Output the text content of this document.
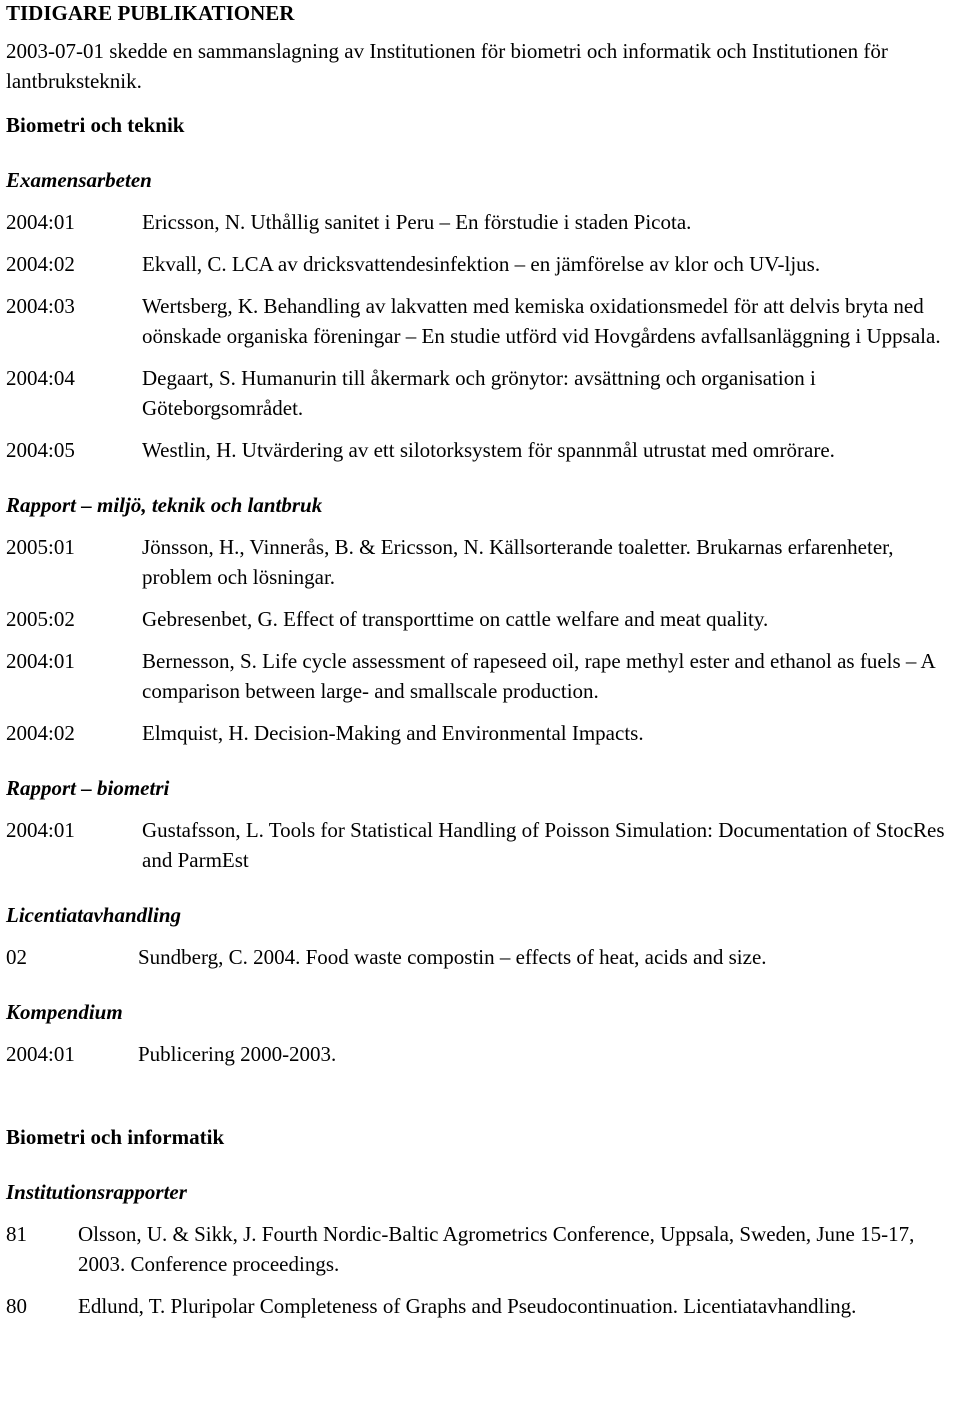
TIDIGARE PUBLIKATIONER
2003-07-01 skedde en sammanslagning av Institutionen för biometri och informatik och Institutionen för lantbruksteknik.
Biometri och teknik
Examensarbeten
2004:01	Ericsson, N. Uthållig sanitet i Peru – En förstudie i staden Picota.
2004:02	Ekvall, C. LCA av dricksvattendesinfektion – en jämförelse av klor och UV-ljus.
2004:03	Wertsberg, K. Behandling av lakvatten med kemiska oxidationsmedel för att delvis bryta ned oönskade organiska föreningar – En studie utförd vid Hovgårdens avfallsanläggning i Uppsala.
2004:04	Degaart, S. Humanurin till åkermark och grönytor: avsättning och organisation i Göteborgsområdet.
2004:05	Westlin, H. Utvärdering av ett silotorksystem för spannmål utrustat med omrörare.
Rapport – miljö, teknik och lantbruk
2005:01	Jönsson, H., Vinnerås, B. & Ericsson, N. Källsorterande toaletter. Brukarnas erfarenheter, problem och lösningar.
2005:02	Gebresenbet, G. Effect of transporttime on cattle welfare and meat quality.
2004:01	Bernesson, S. Life cycle assessment of rapeseed oil, rape methyl ester and ethanol as fuels – A comparison between large- and smallscale production.
2004:02	Elmquist, H. Decision-Making and Environmental Impacts.
Rapport – biometri
2004:01	Gustafsson, L. Tools for Statistical Handling of Poisson Simulation: Documentation of StocRes and ParmEst
Licentiatavhandling
02	Sundberg, C. 2004. Food waste compostin – effects of heat, acids and size.
Kompendium
2004:01	Publicering 2000-2003.
Biometri och informatik
Institutionsrapporter
81	Olsson, U. & Sikk, J. Fourth Nordic-Baltic Agrometrics Conference, Uppsala, Sweden, June 15-17, 2003. Conference proceedings.
80	Edlund, T. Pluripolar Completeness of Graphs and Pseudocontinuation. Licentiatavhandling.
